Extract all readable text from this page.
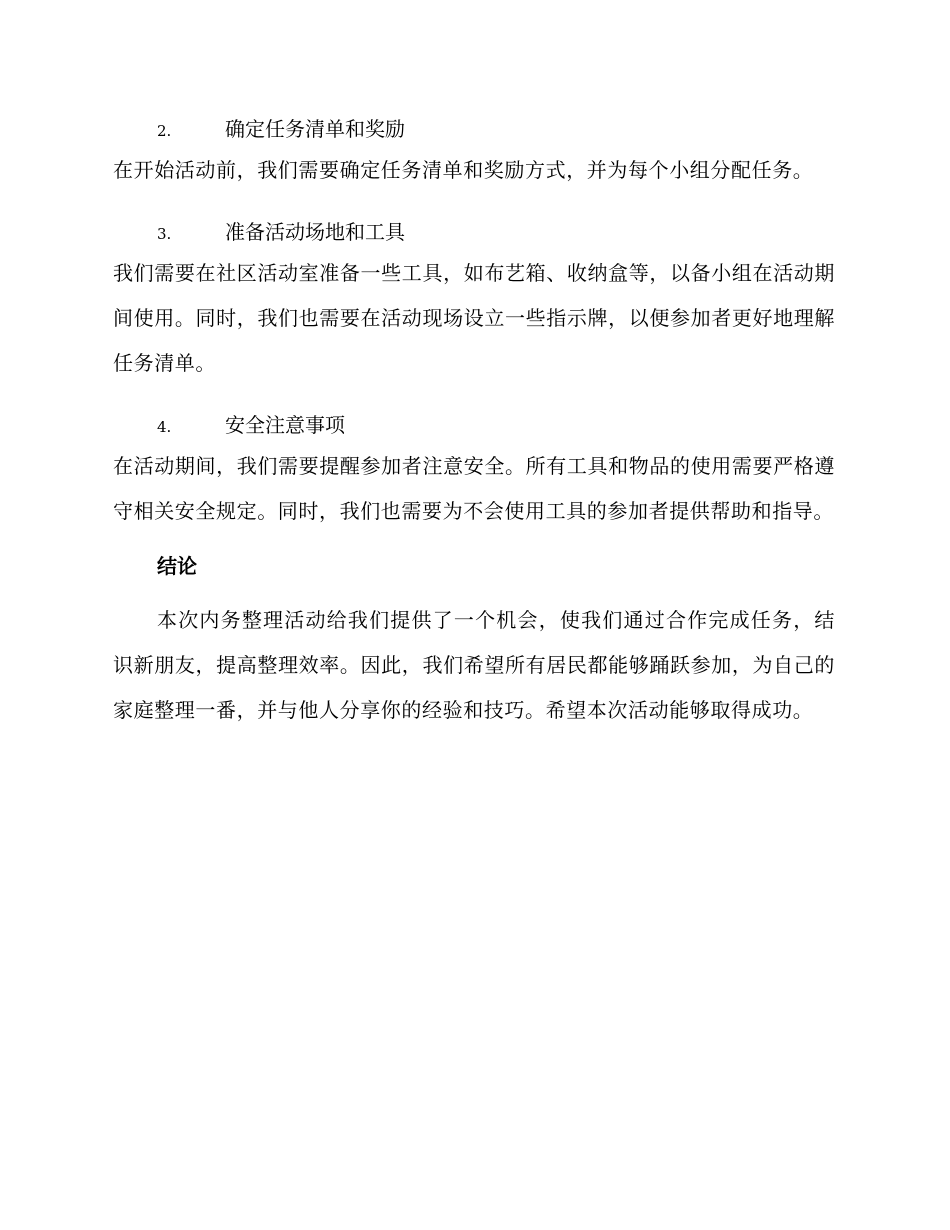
2.	确定任务清单和奖励

在开始活动前，我们需要确定任务清单和奖励方式，并为每个小组分配任务。

3.	准备活动场地和工具

我们需要在社区活动室准备一些工具，如布艺箱、收纳盒等，以备小组在活动期间使用。同时，我们也需要在活动现场设立一些指示牌，以便参加者更好地理解任务清单。

4.	安全注意事项

在活动期间，我们需要提醒参加者注意安全。所有工具和物品的使用需要严格遵守相关安全规定。同时，我们也需要为不会使用工具的参加者提供帮助和指导。

结论

本次内务整理活动给我们提供了一个机会，使我们通过合作完成任务，结识新朋友，提高整理效率。因此，我们希望所有居民都能够踊跃参加，为自己的家庭整理一番，并与他人分享你的经验和技巧。希望本次活动能够取得成功。
